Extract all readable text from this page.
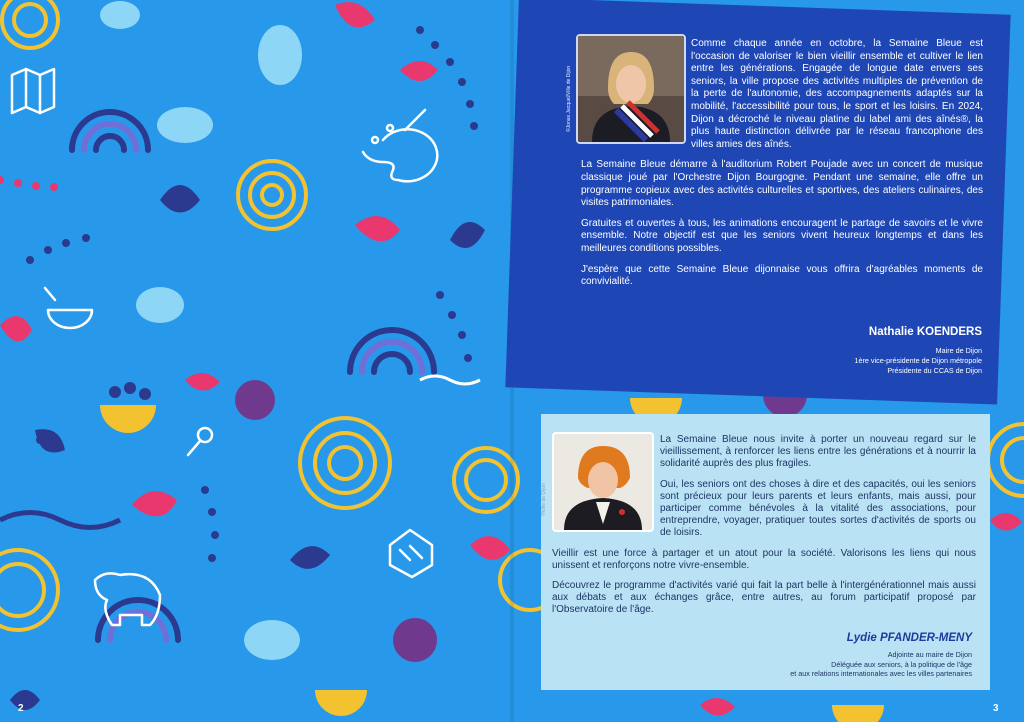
©Jonas Jacquel/Ville de Dijon

Comme chaque année en octobre, la Semaine Bleue est l'occasion de valoriser le bien vieillir ensemble et cultiver le lien entre les générations. Engagée de longue date envers ses seniors, la ville propose des activités multiples de prévention de la perte de l'autonomie, des accompagnements adaptés sur la mobilité, l'accessibilité pour tous, le sport et les loisirs. En 2024, Dijon a décroché le niveau platine du label ami des aînés®, la plus haute distinction délivrée par le réseau francophone des villes amies des aînés.

La Semaine Bleue démarre à l'auditorium Robert Poujade avec un concert de musique classique joué par l'Orchestre Dijon Bourgogne. Pendant une semaine, elle offre un programme copieux avec des activités culturelles et sportives, des ateliers culinaires, des visites patrimoniales.

Gratuites et ouvertes à tous, les animations encouragent le partage de savoirs et le vivre ensemble. Notre objectif est que les seniors vivent heureux longtemps et dans les meilleures conditions possibles.

J'espère que cette Semaine Bleue dijonnaise vous offrira d'agréables moments de convivialité.

Nathalie KOENDERS
Maire de Dijon
1ère vice-présidente de Dijon métropole
Présidente du CCAS de Dijon
©Ville de Dijon

La Semaine Bleue nous invite à porter un nouveau regard sur le vieillissement, à renforcer les liens entre les générations et à nourrir la solidarité auprès des plus fragiles.

Oui, les seniors ont des choses à dire et des capacités, oui les seniors sont précieux pour leurs parents et leurs enfants, mais aussi, pour participer comme bénévoles à la vitalité des associations, pour entreprendre, voyager, pratiquer toutes sortes d'activités de sports ou de loisirs.

Vieillir est une force à partager et un atout pour la société. Valorisons les liens qui nous unissent et renforçons notre vivre-ensemble.

Découvrez le programme d'activités varié qui fait la part belle à l'intergénérationnel mais aussi aux débats et aux échanges grâce, entre autres, au forum participatif proposé par l'Observatoire de l'âge.

Lydie PFANDER-MENY
Adjointe au maire de Dijon
Déléguée aux seniors, à la politique de l'âge
et aux relations internationales avec les villes partenaires
2	3
